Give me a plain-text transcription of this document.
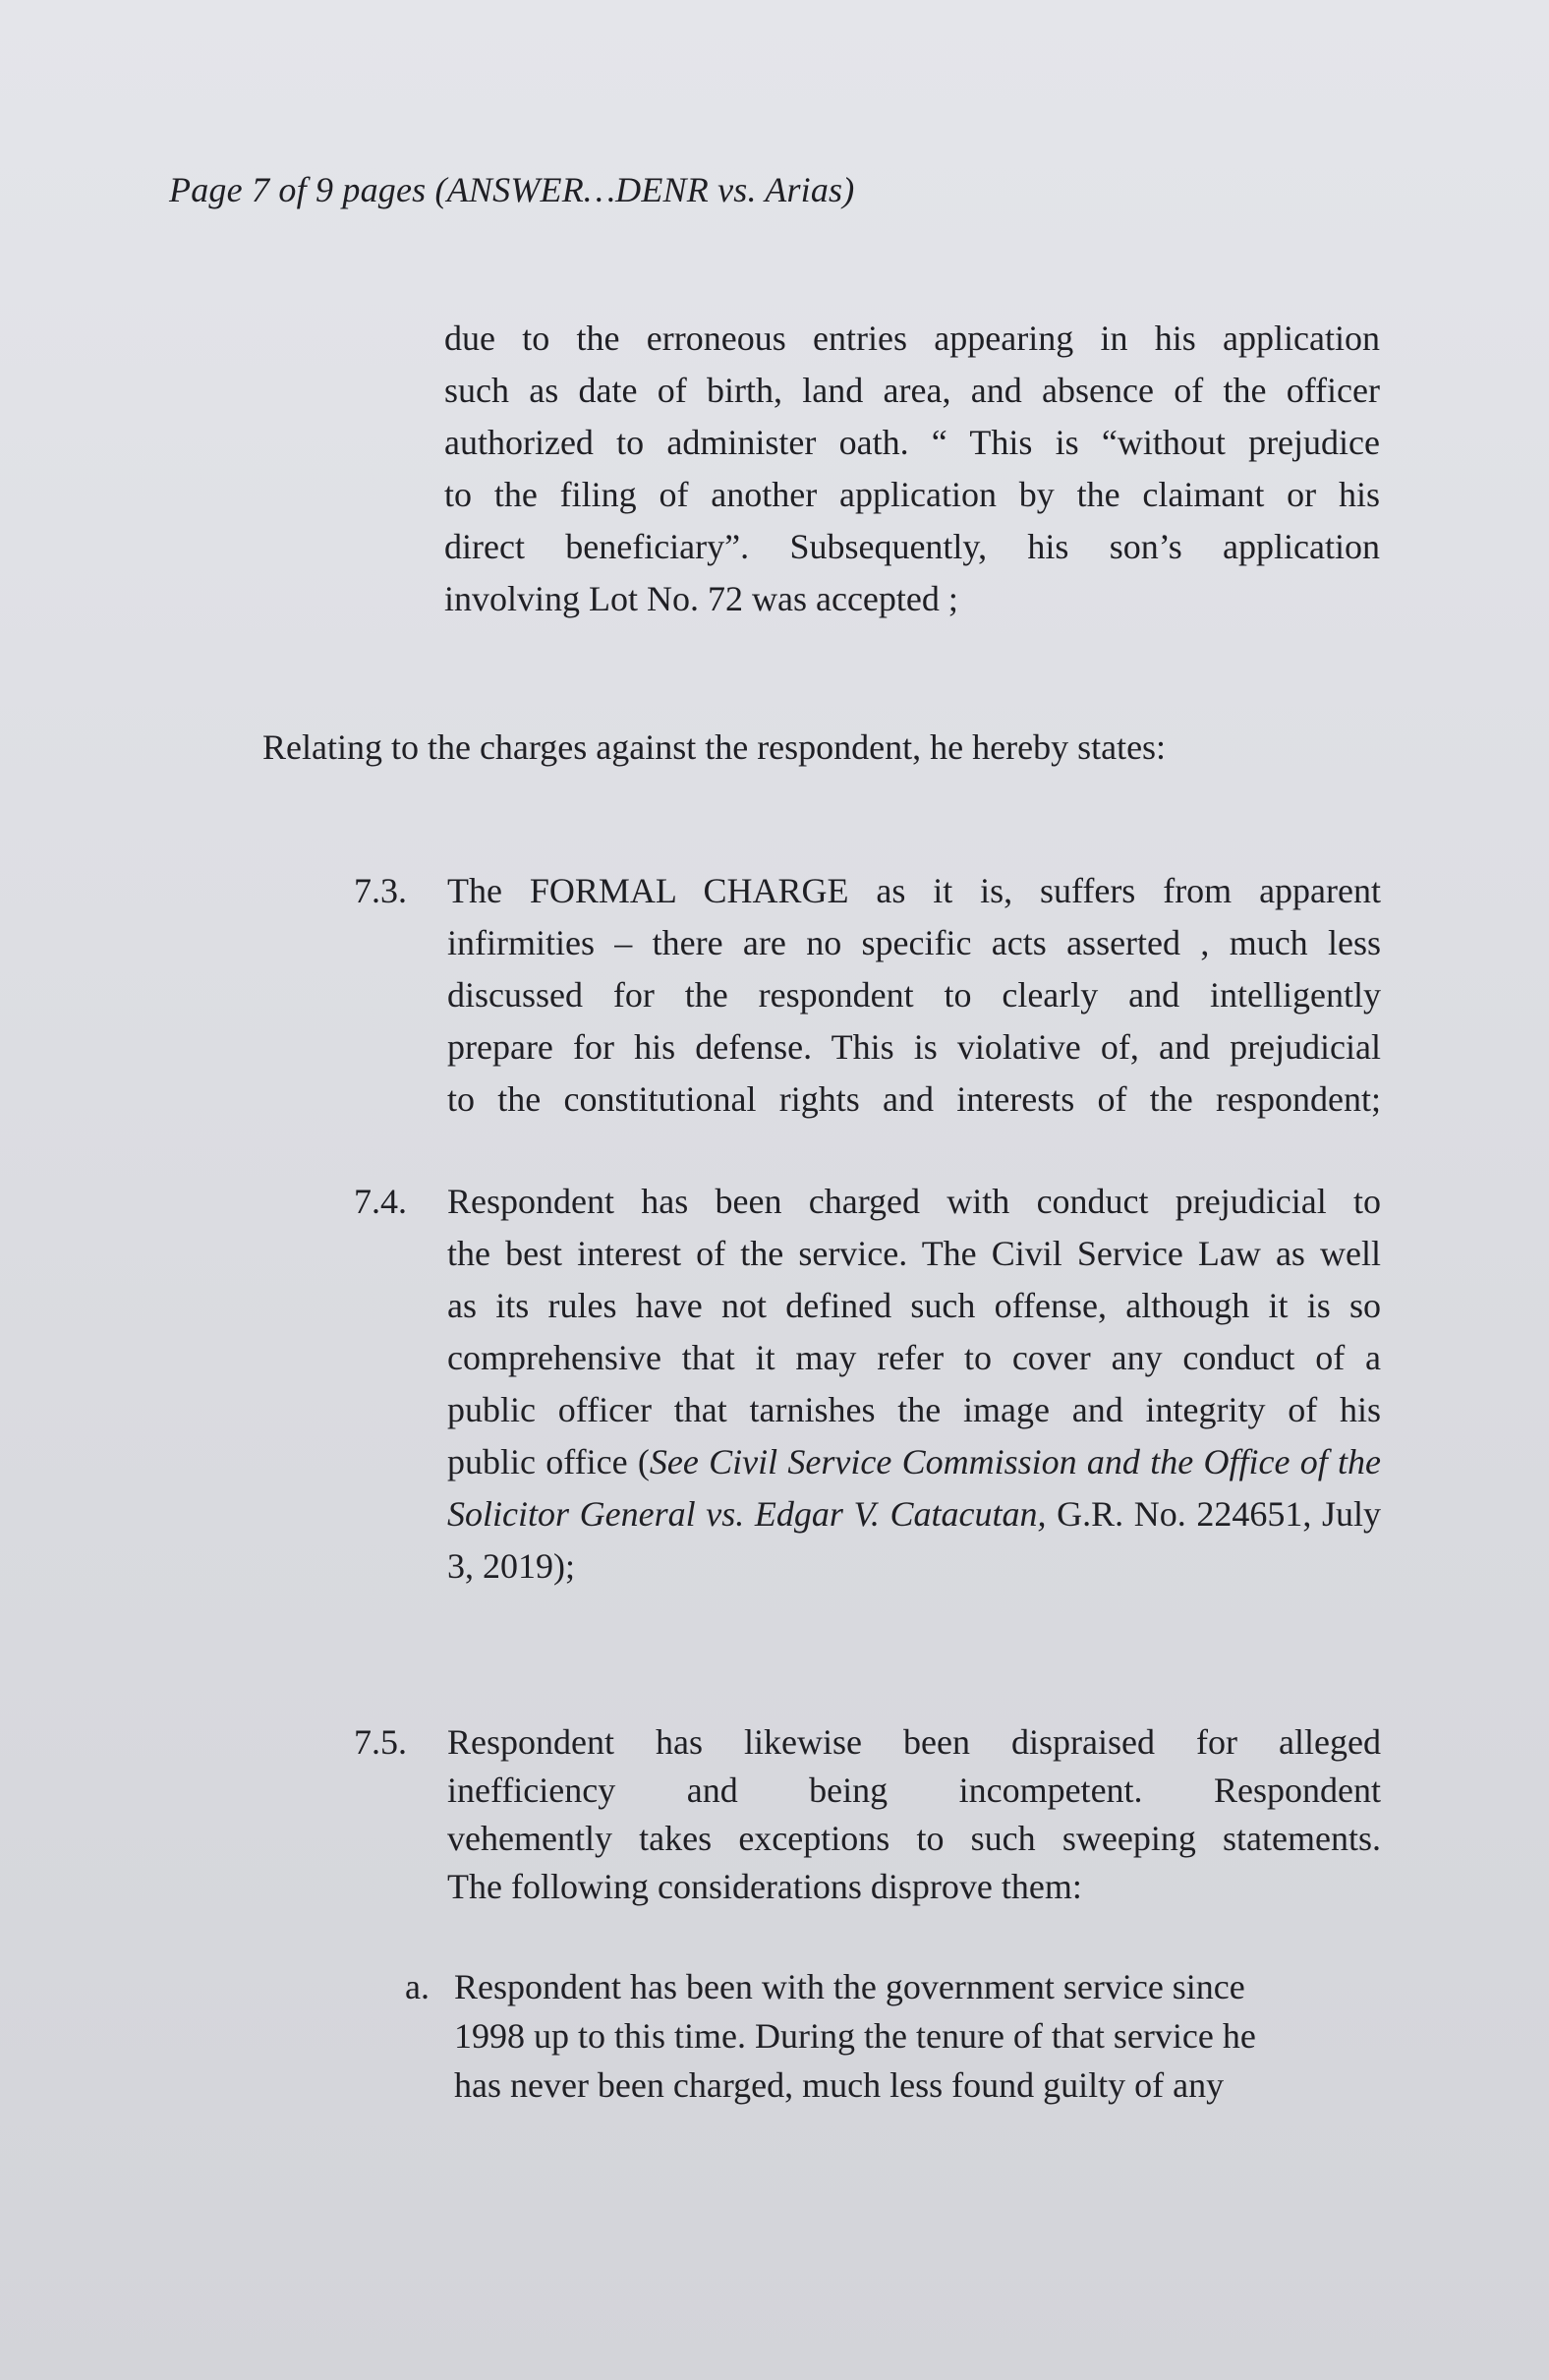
Page 7 of 9 pages (ANSWER…DENR vs. Arias)
due to the erroneous entries appearing in his application
such as date of birth, land area, and absence of the officer
authorized to administer oath. “ This is “without prejudice
to the filing of another application by the claimant or his
direct beneficiary”. Subsequently, his son’s application
involving Lot No. 72 was accepted ;
Relating to the charges against the respondent, he hereby states:
7.3. The FORMAL CHARGE as it is, suffers from apparent
infirmities – there are no specific acts asserted , much less
discussed for the respondent to clearly and intelligently
prepare for his defense. This is violative of, and prejudicial
to the constitutional rights and interests of the respondent;
7.4. Respondent has been charged with conduct prejudicial to
the best interest of the service. The Civil Service Law as well
as its rules have not defined such offense, although it is so
comprehensive that it may refer to cover any conduct of a
public officer that tarnishes the image and integrity of his
public office (See Civil Service Commission and the Office of the
Solicitor General vs. Edgar V. Catacutan, G.R. No. 224651, July
3, 2019);
7.5. Respondent has likewise been dispraised for alleged
inefficiency and being incompetent. Respondent
vehemently takes exceptions to such sweeping statements.
The following considerations disprove them:
a. Respondent has been with the government service since
1998 up to this time. During the tenure of that service he
has never been charged, much less found guilty of any
